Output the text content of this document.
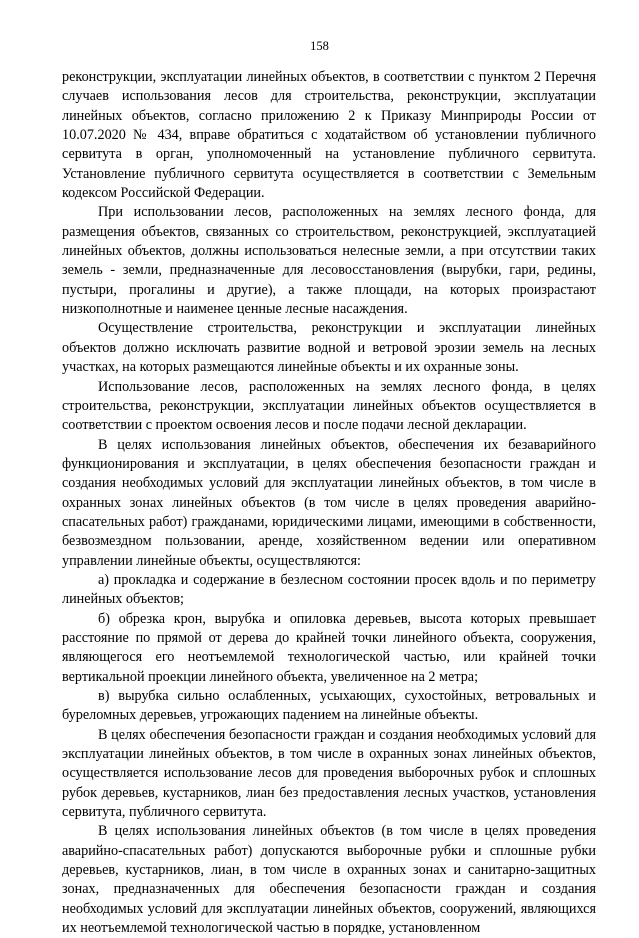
158

реконструкции, эксплуатации линейных объектов, в соответствии с пунктом 2 Перечня случаев использования лесов для строительства, реконструкции, эксплуатации линейных объектов, согласно приложению 2 к Приказу Минприроды России от 10.07.2020 № 434, вправе обратиться с ходатайством об установлении публичного сервитута в орган, уполномоченный на установление публичного сервитута. Установление публичного сервитута осуществляется в соответствии с Земельным кодексом Российской Федерации.

При использовании лесов, расположенных на землях лесного фонда, для размещения объектов, связанных со строительством, реконструкцией, эксплуатацией линейных объектов, должны использоваться нелесные земли, а при отсутствии таких земель - земли, предназначенные для лесовосстановления (вырубки, гари, редины, пустыри, прогалины и другие), а также площади, на которых произрастают низкополнотные и наименее ценные лесные насаждения.

Осуществление строительства, реконструкции и эксплуатации линейных объектов должно исключать развитие водной и ветровой эрозии земель на лесных участках, на которых размещаются линейные объекты и их охранные зоны.

Использование лесов, расположенных на землях лесного фонда, в целях строительства, реконструкции, эксплуатации линейных объектов осуществляется в соответствии с проектом освоения лесов и после подачи лесной декларации.

В целях использования линейных объектов, обеспечения их безаварийного функционирования и эксплуатации, в целях обеспечения безопасности граждан и создания необходимых условий для эксплуатации линейных объектов, в том числе в охранных зонах линейных объектов (в том числе в целях проведения аварийно-спасательных работ) гражданами, юридическими лицами, имеющими в собственности, безвозмездном пользовании, аренде, хозяйственном ведении или оперативном управлении линейные объекты, осуществляются:

а) прокладка и содержание в безлесном состоянии просек вдоль и по периметру линейных объектов;

б) обрезка крон, вырубка и опиловка деревьев, высота которых превышает расстояние по прямой от дерева до крайней точки линейного объекта, сооружения, являющегося его неотъемлемой технологической частью, или крайней точки вертикальной проекции линейного объекта, увеличенное на 2 метра;

в) вырубка сильно ослабленных, усыхающих, сухостойных, ветровальных и буреломных деревьев, угрожающих падением на линейные объекты.

В целях обеспечения безопасности граждан и создания необходимых условий для эксплуатации линейных объектов, в том числе в охранных зонах линейных объектов, осуществляется использование лесов для проведения выборочных рубок и сплошных рубок деревьев, кустарников, лиан без предоставления лесных участков, установления сервитута, публичного сервитута.

В целях использования линейных объектов (в том числе в целях проведения аварийно-спасательных работ) допускаются выборочные рубки и сплошные рубки деревьев, кустарников, лиан, в том числе в охранных зонах и санитарно-защитных зонах, предназначенных для обеспечения безопасности граждан и создания необходимых условий для эксплуатации линейных объектов, сооружений, являющихся их неотъемлемой технологической частью в порядке, установленном
